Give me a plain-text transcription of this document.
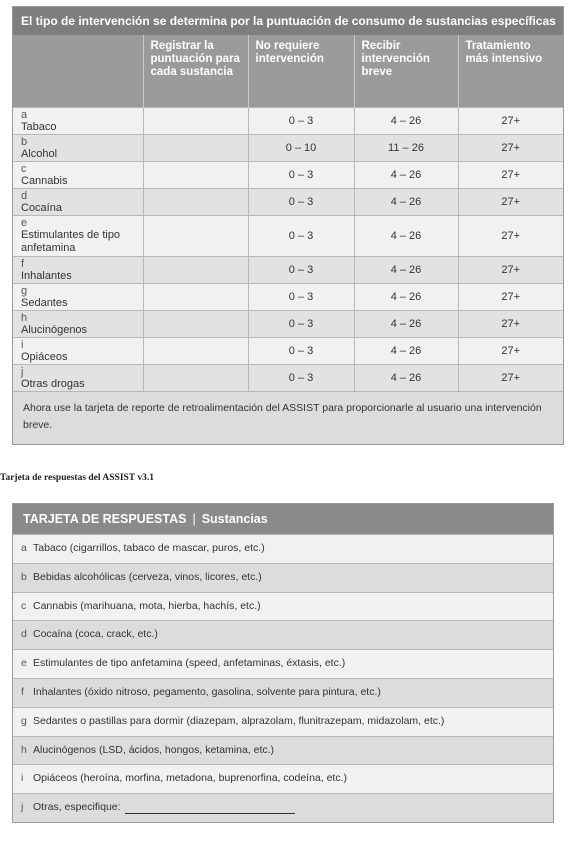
El tipo de intervención se determina por la puntuación de consumo de sustancias específicas
	Registrar la puntuación para cada sustancia	No requiere intervención	Recibir intervención breve	Tratamiento más intensivo
aTabaco		0 – 3	4 – 26	27+
bAlcohol		0 – 10	11 – 26	27+
cCannabis		0 – 3	4 – 26	27+
dCocaína		0 – 3	4 – 26	27+
eEstimulantes de tipo anfetamina		0 – 3	4 – 26	27+
fInhalantes		0 – 3	4 – 26	27+
gSedantes		0 – 3	4 – 26	27+
hAlucinógenos		0 – 3	4 – 26	27+
iOpiáceos		0 – 3	4 – 26	27+
jOtras drogas		0 – 3	4 – 26	27+
Ahora use la tarjeta de reporte de retroalimentación del ASSIST para proporcionarle al usuario una intervención breve.
Tarjeta de respuestas del ASSIST v3.1
TARJETA DE RESPUESTAS | Sustancias
a Tabaco (cigarrillos, tabaco de mascar, puros, etc.)
b Bebidas alcohólicas (cerveza, vinos, licores, etc.)
c Cannabis (marihuana, mota, hierba, hachís, etc.)
d Cocaína (coca, crack, etc.)
e Estimulantes de tipo anfetamina (speed, anfetaminas, éxtasis, etc.)
f Inhalantes (óxido nitroso, pegamento, gasolina, solvente para pintura, etc.)
g Sedantes o pastillas para dormir (diazepam, alprazolam, flunitrazepam, midazolam, etc.)
h Alucinógenos (LSD, ácidos, hongos, ketamina, etc.)
i Opiáceos (heroína, morfina, metadona, buprenorfina, codeína, etc.)
j Otras, especifique:
